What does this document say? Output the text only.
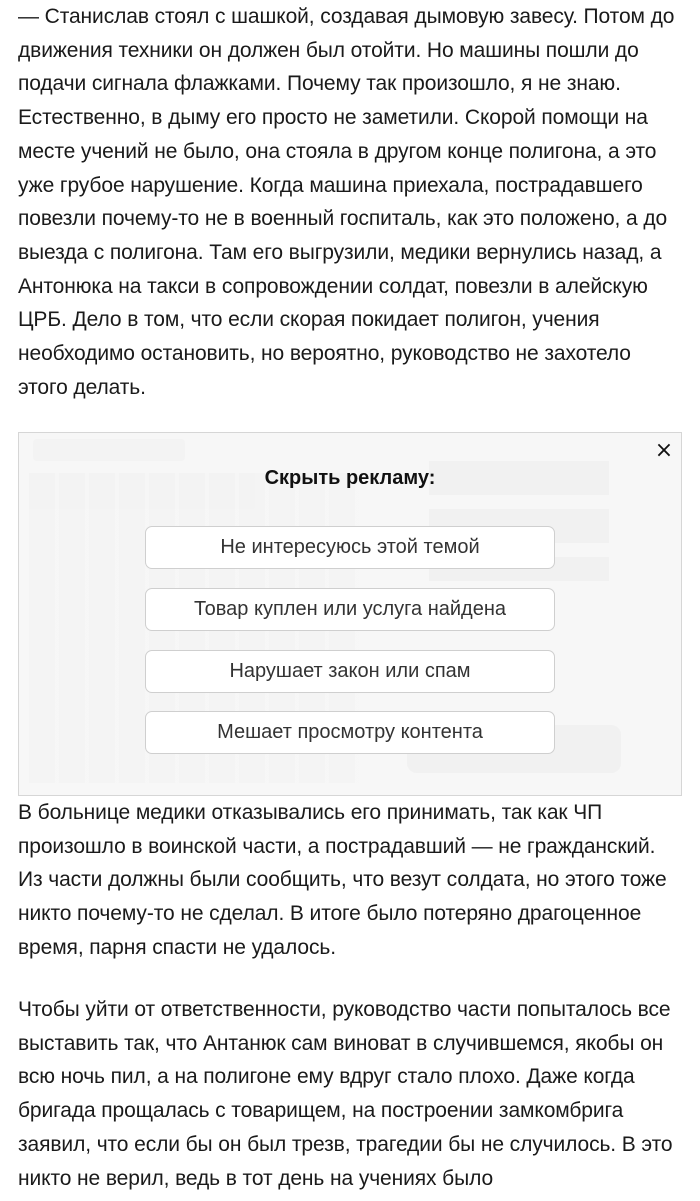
— Станислав стоял с шашкой, создавая дымовую завесу. Потом до движения техники он должен был отойти. Но машины пошли до подачи сигнала флажками. Почему так произошло, я не знаю. Естественно, в дыму его просто не заметили. Скорой помощи на месте учений не было, она стояла в другом конце полигона, а это уже грубое нарушение. Когда машина приехала, пострадавшего повезли почему-то не в военный госпиталь, как это положено, а до выезда с полигона. Там его выгрузили, медики вернулись назад, а Антонюка на такси в сопровождении солдат, повезли в алейскую ЦРБ. Дело в том, что если скорая покидает полигон, учения необходимо остановить, но вероятно, руководство не захотело этого делать.

×
Скрыть рекламу:
Не интересуюсь этой темой
Товар куплен или услуга найдена
Нарушает закон или спам
Мешает просмотру контента

В больнице медики отказывались его принимать, так как ЧП произошло в воинской части, а пострадавший — не гражданский. Из части должны были сообщить, что везут солдата, но этого тоже никто почему-то не сделал. В итоге было потеряно драгоценное время, парня спасти не удалось.

Чтобы уйти от ответственности, руководство части попыталось все выставить так, что Антанюк сам виноват в случившемся, якобы он всю ночь пил, а на полигоне ему вдруг стало плохо. Даже когда бригада прощалась с товарищем, на построении замкомбрига заявил, что если бы он был трезв, трагедии бы не случилось. В это никто не верил, ведь в тот день на учениях было
